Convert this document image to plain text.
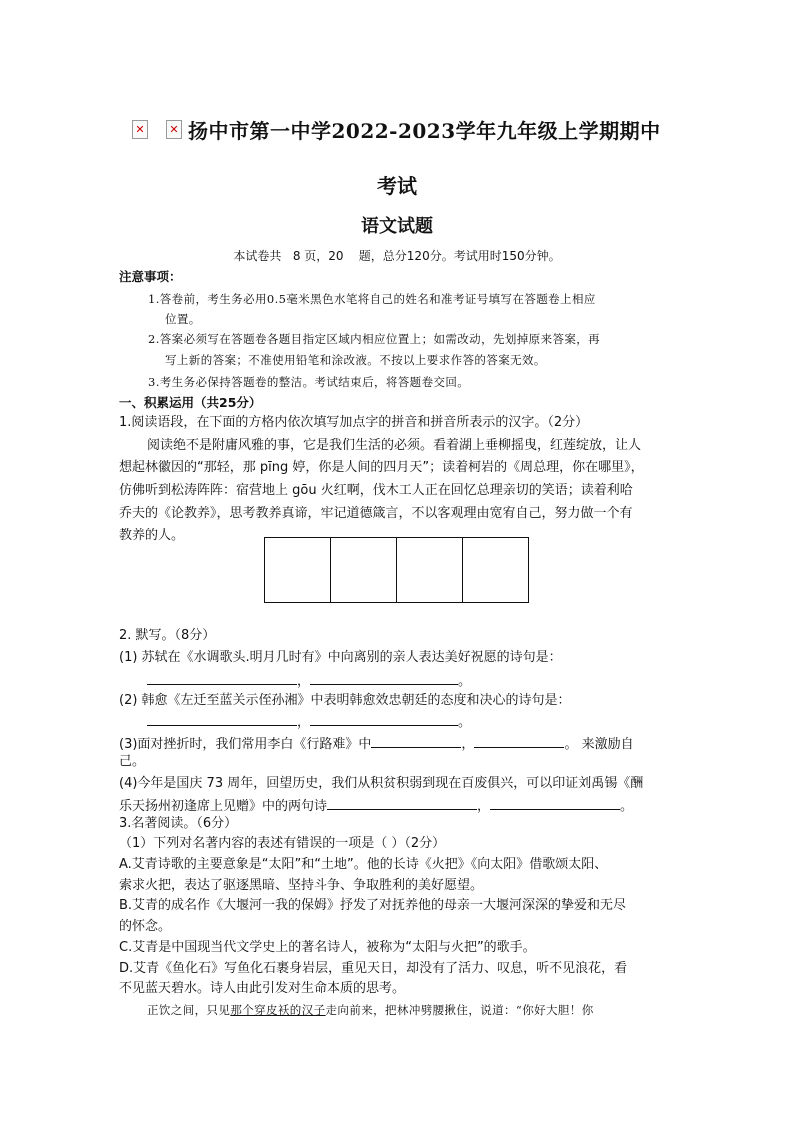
✕	✕ 扬中市第一中学2022-2023学年九年级上学期期中
考试
语文试题
本试卷共   8 页，20    题，总分120分。考试用时150分钟。
注意事项：
1.答卷前，考生务必用0.5毫米黑色水笔将自己的姓名和准考证号填写在答题卷上相应
位置。
2.答案必须写在答题卷各题目指定区域内相应位置上；如需改动，先划掉原来答案，再
写上新的答案；不准使用铅笔和涂改液。不按以上要求作答的答案无效。
3.考生务必保持答题卷的整洁。考试结束后，将答题卷交回。
一、积累运用（共25分）
1.阅读语段，在下面的方格内依次填写加点字的拼音和拼音所表示的汉字。（2分）
阅读绝不是附庸风雅的事，它是我们生活的必须。看着湖上垂柳摇曳，红莲绽放，让人
想起林徽因的“那轻，那 pīng 婷，你是人间的四月天”；读着柯岩的《周总理，你在哪里》，
仿佛听到松涛阵阵：宿营地上 gōu 火红啊，伐木工人正在回忆总理亲切的笑语；读着利哈
乔夫的《论教养》，思考教养真谛，牢记道德箴言，不以客观理由宽宥自己，努力做一个有
教养的人。
2. 默写。（8分）
(1) 苏轼在《水调歌头.明月几时有》中向离别的亲人表达美好祝愿的诗句是：
，	。
(2) 韩愈《左迁至蓝关示侄孙湘》中表明韩愈效忠朝廷的态度和决心的诗句是：
，	。
(3)面对挫折时，我们常用李白《行路难》中	，	。 来激励自
己。
(4)今年是国庆 73 周年，回望历史，我们从积贫积弱到现在百废俱兴，可以印证刘禹锡《酬
乐天扬州初逢席上见赠》中的两句诗	，	。
3.名著阅读。（6分）
（1）下列对名著内容的表述有错误的一项是（ ）（2分）
A.艾青诗歌的主要意象是“太阳”和“土地”。他的长诗《火把》《向太阳》借歌颂太阳、
索求火把，表达了驱逐黑暗、坚持斗争、争取胜利的美好愿望。
B.艾青的成名作《大堰河一我的保姆》抒发了对抚养他的母亲一大堰河深深的挚爱和无尽
的怀念。
C.艾青是中国现当代文学史上的著名诗人，被称为“太阳与火把”的歌手。
D.艾青《鱼化石》写鱼化石裹身岩层，重见天日，却没有了活力、叹息，听不见浪花，看
不见蓝天碧水。诗人由此引发对生命本质的思考。
正饮之间，只见那个穿皮袄的汉子走向前来，把林冲劈腰揪住，说道：“你好大胆！你
